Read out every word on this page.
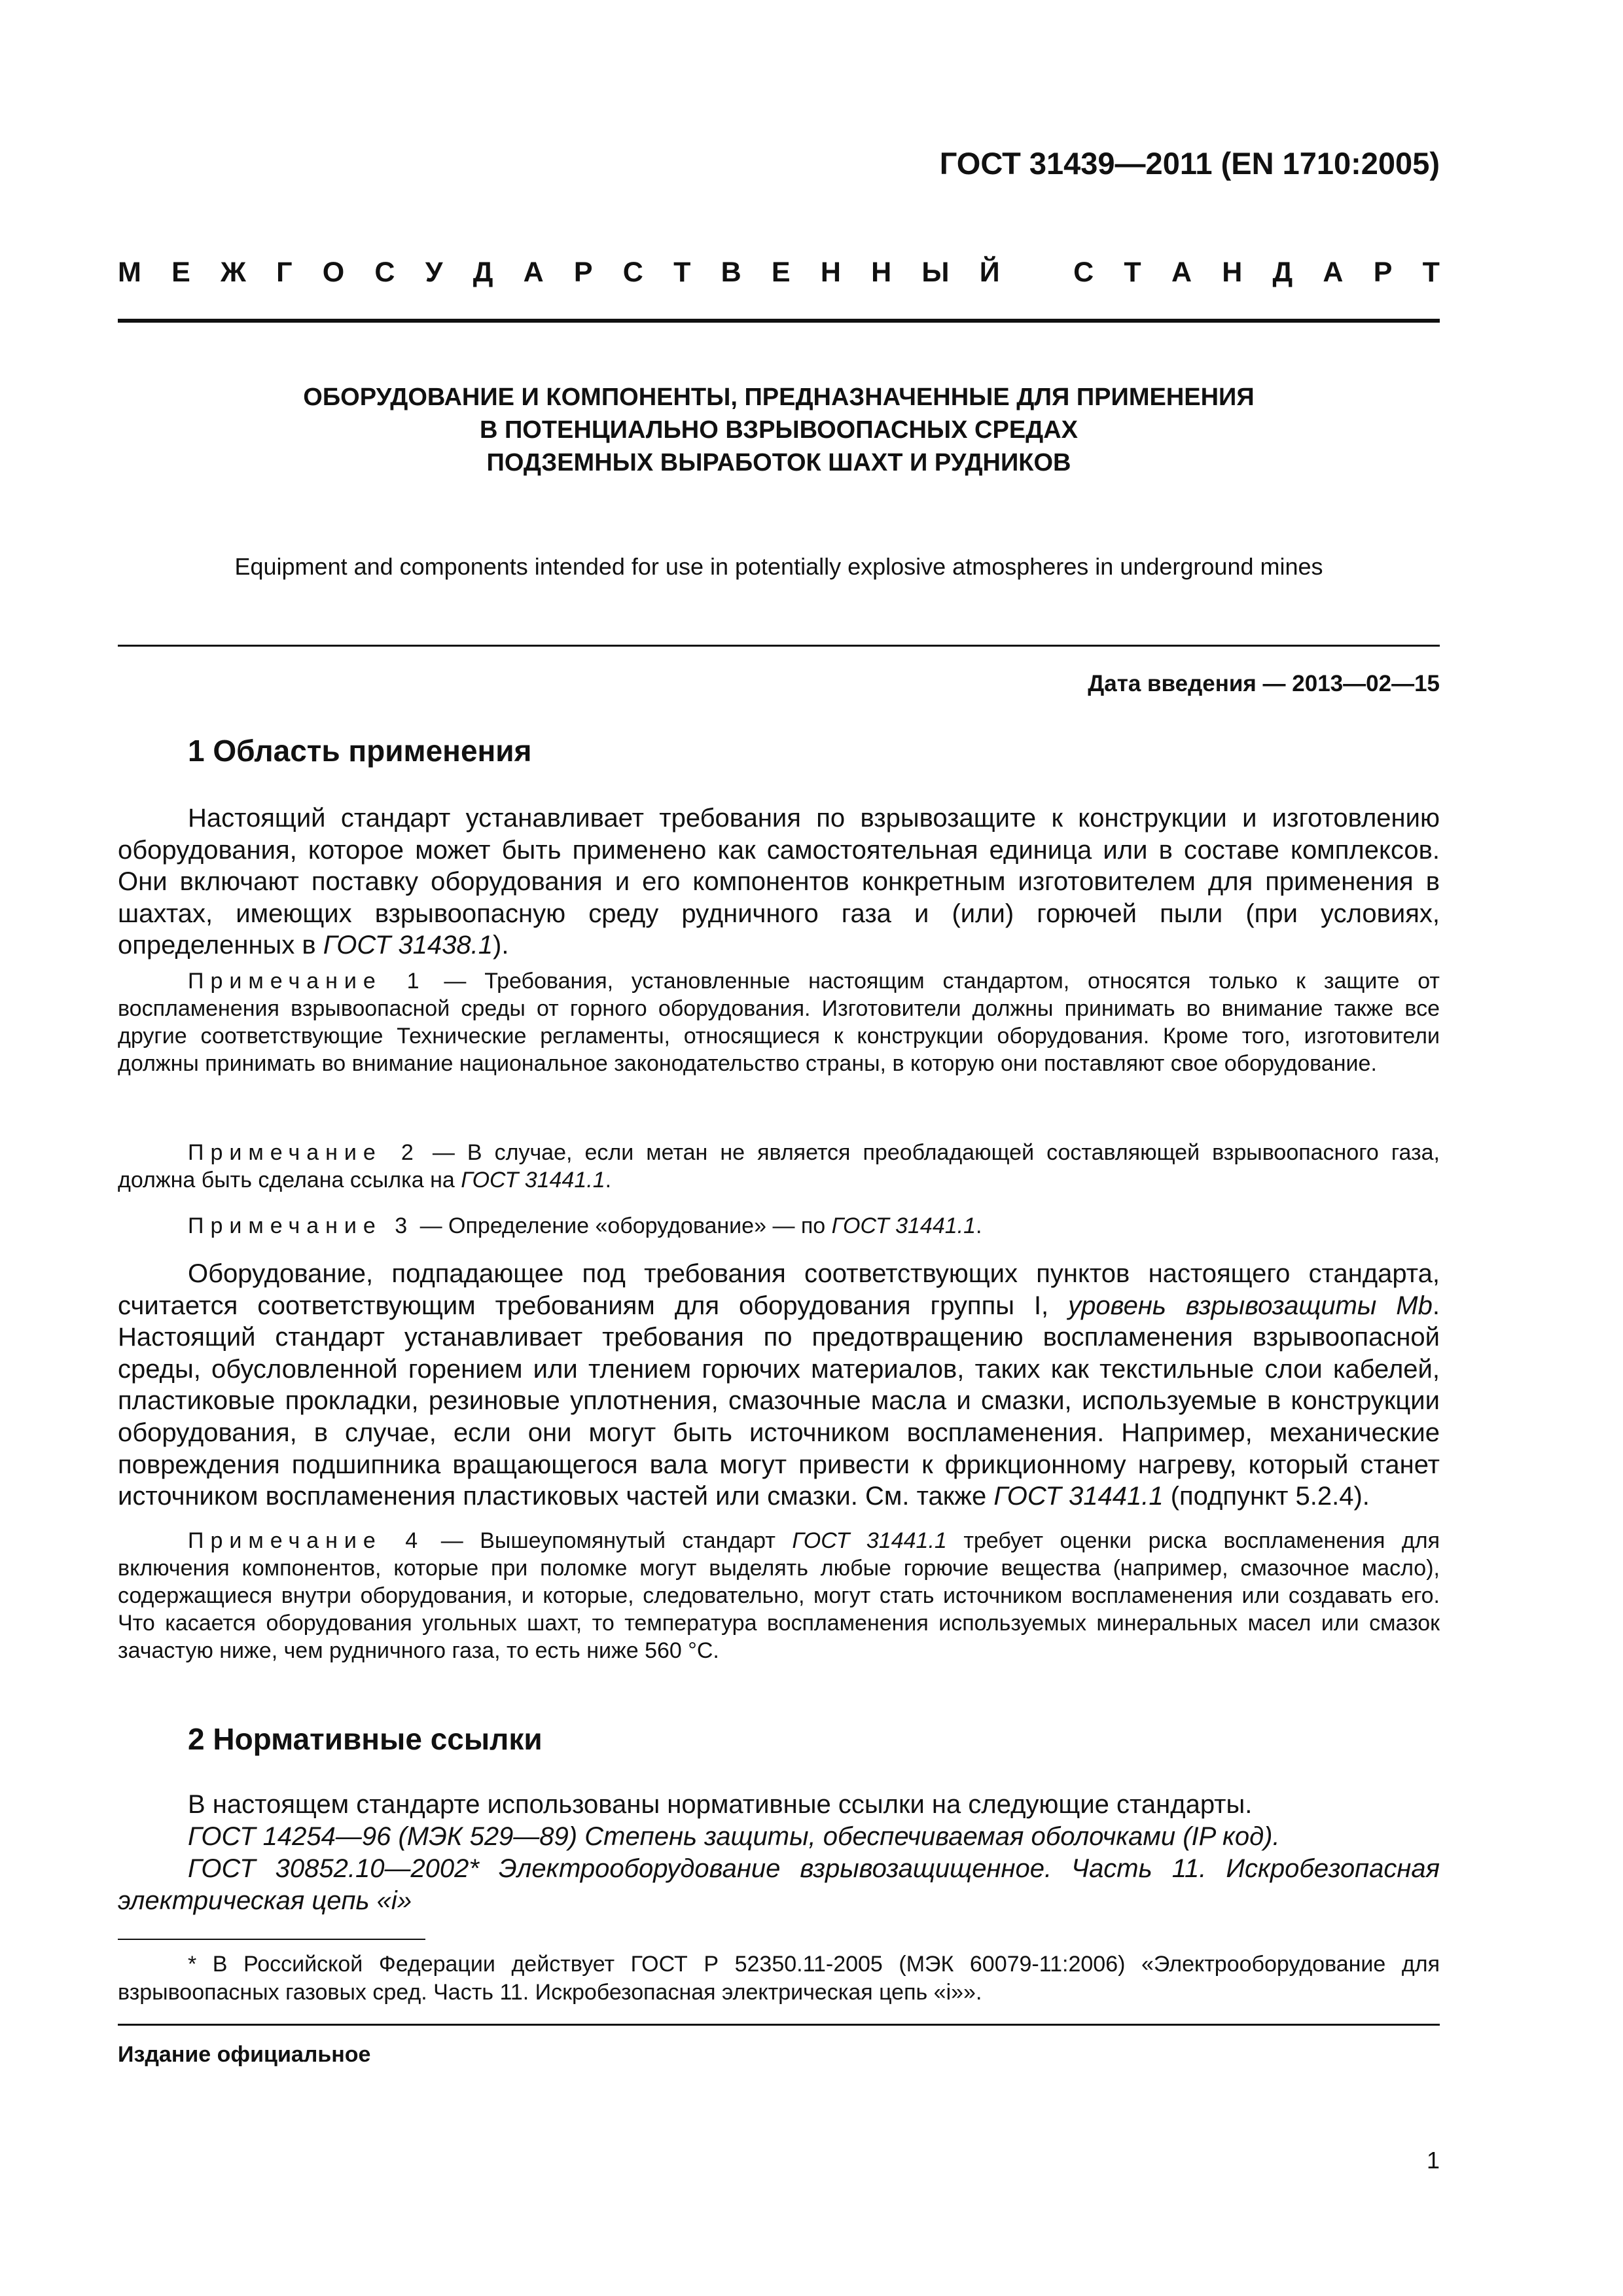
ГОСТ 31439—2011 (EN 1710:2005)
М Е Ж Г О С У Д А Р С Т В Е Н Н Ы Й	С Т А Н Д А Р Т
ОБОРУДОВАНИЕ И КОМПОНЕНТЫ, ПРЕДНАЗНАЧЕННЫЕ ДЛЯ ПРИМЕНЕНИЯ
В ПОТЕНЦИАЛЬНО ВЗРЫВООПАСНЫХ СРЕДАХ
ПОДЗЕМНЫХ ВЫРАБОТОК ШАХТ И РУДНИКОВ
Equipment and components intended for use in potentially explosive atmospheres in underground mines
Дата введения — 2013—02—15
1 Область применения

Настоящий стандарт устанавливает требования по взрывозащите к конструкции и изготовлению оборудования, которое может быть применено как самостоятельная единица или в составе комплексов. Они включают поставку оборудования и его компонентов конкретным изготовителем для применения в шахтах, имеющих взрывоопасную среду рудничного газа и (или) горючей пыли (при условиях, определенных в ГОСТ 31438.1).

Примечание 1 — Требования, установленные настоящим стандартом, относятся только к защите от воспламенения взрывоопасной среды от горного оборудования. Изготовители должны принимать во внимание также все другие соответствующие Технические регламенты, относящиеся к конструкции оборудования. Кроме того, изготовители должны принимать во внимание национальное законодательство страны, в которую они поставляют свое оборудование.

Примечание 2 — В случае, если метан не является преобладающей составляющей взрывоопасного газа, должна быть сделана ссылка на ГОСТ 31441.1.

Примечание 3 — Определение «оборудование» — по ГОСТ 31441.1.

Оборудование, подпадающее под требования соответствующих пунктов настоящего стандарта, считается соответствующим требованиям для оборудования группы I, уровень взрывозащиты Mb. Настоящий стандарт устанавливает требования по предотвращению воспламенения взрывоопасной среды, обусловленной горением или тлением горючих материалов, таких как текстильные слои кабелей, пластиковые прокладки, резиновые уплотнения, смазочные масла и смазки, используемые в конструкции оборудования, в случае, если они могут быть источником воспламенения. Например, механические повреждения подшипника вращающегося вала могут привести к фрикционному нагреву, который станет источником воспламенения пластиковых частей или смазки. См. также ГОСТ 31441.1 (подпункт 5.2.4).

Примечание 4 — Вышеупомянутый стандарт ГОСТ 31441.1 требует оценки риска воспламенения для включения компонентов, которые при поломке могут выделять любые горючие вещества (например, смазочное масло), содержащиеся внутри оборудования, и которые, следовательно, могут стать источником воспламенения или создавать его. Что касается оборудования угольных шахт, то температура воспламенения используемых минеральных масел или смазок зачастую ниже, чем рудничного газа, то есть ниже 560 °С.

2 Нормативные ссылки

В настоящем стандарте использованы нормативные ссылки на следующие стандарты.

ГОСТ 14254—96 (МЭК 529—89) Степень защиты, обеспечиваемая оболочками (IP код).

ГОСТ 30852.10—2002* Электрооборудование взрывозащищенное. Часть 11. Искробезопасная электрическая цепь «i»

* В Российской Федерации действует ГОСТ Р 52350.11-2005 (МЭК 60079-11:2006) «Электрооборудование для взрывоопасных газовых сред. Часть 11. Искробезопасная электрическая цепь «i»».

Издание официальное
1
